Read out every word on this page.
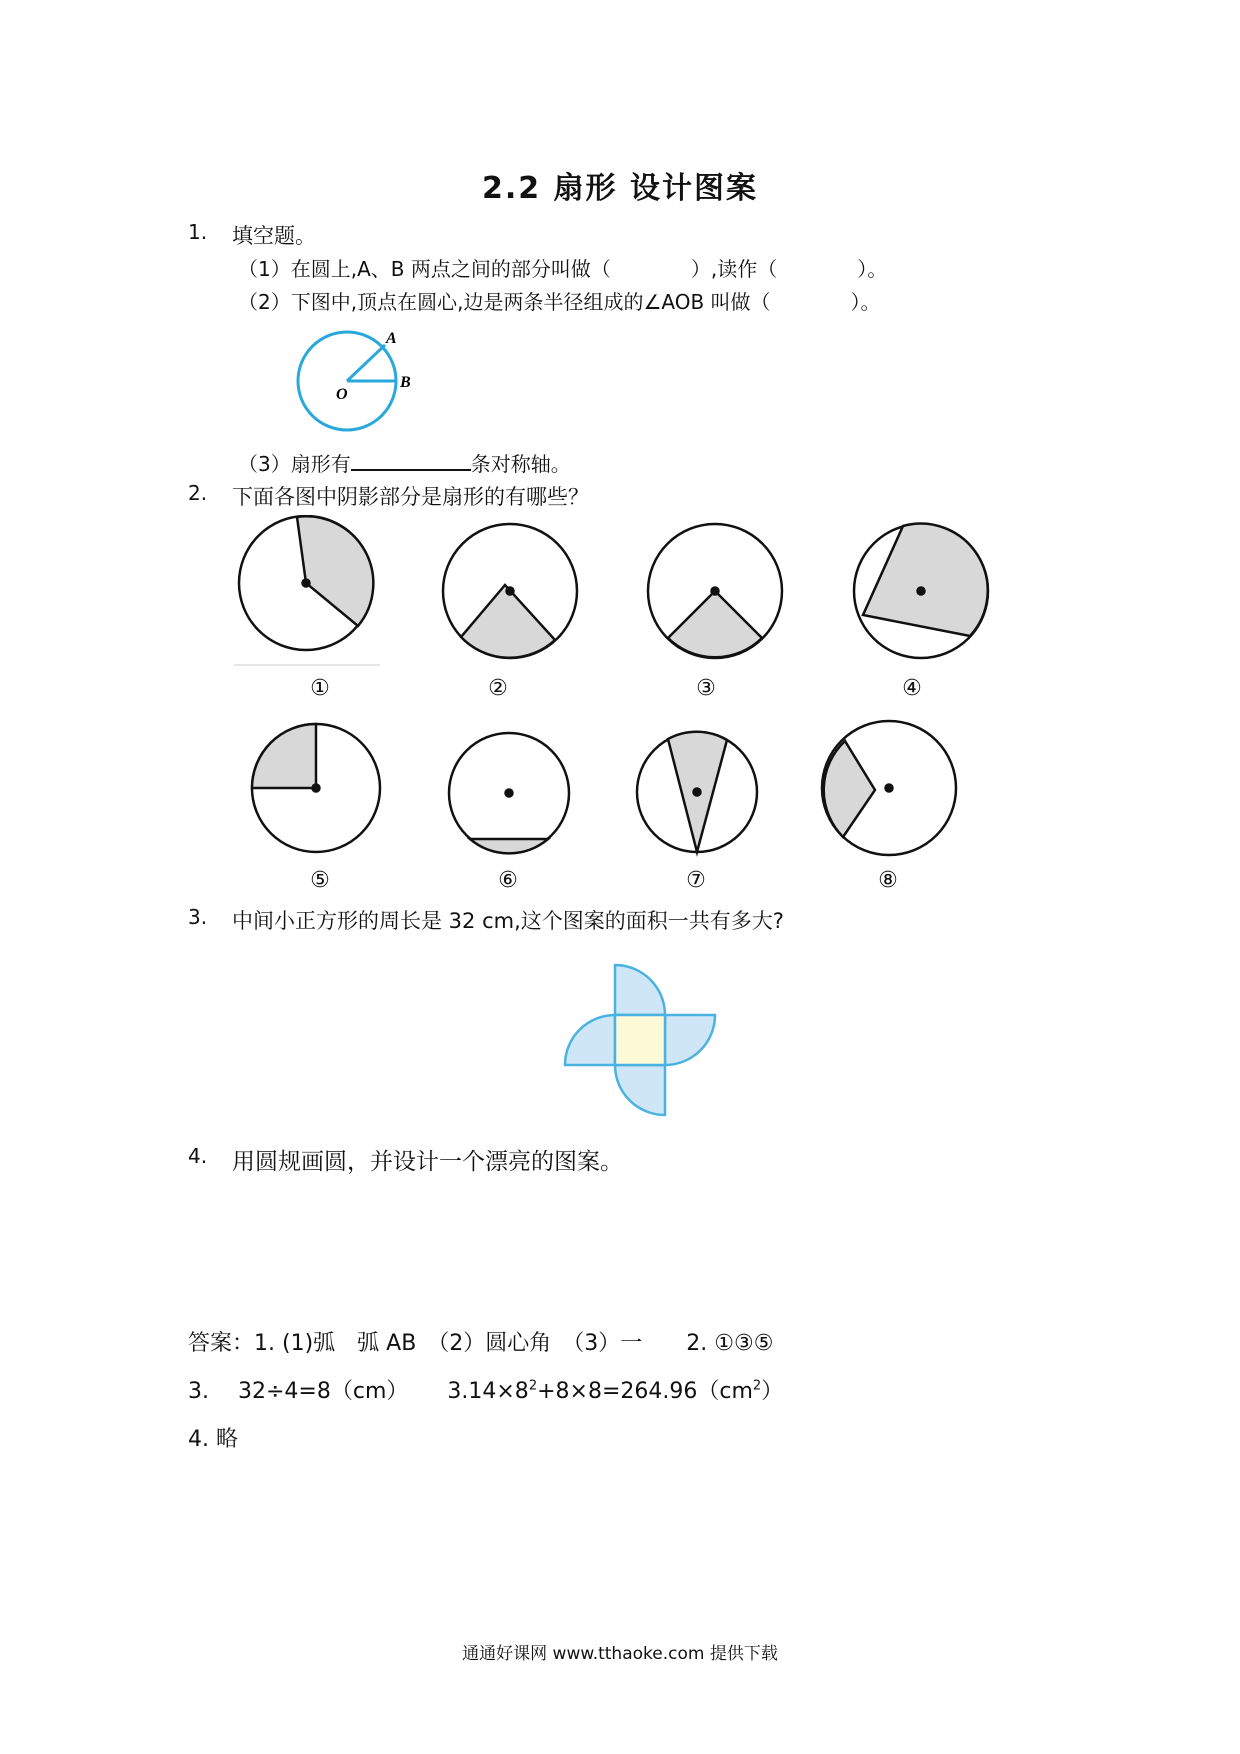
2.2 扇形 设计图案
1. 填空题。
（1）在圆上,A、B 两点之间的部分叫做（　　　　）,读作（　　　　）。
（2）下图中,顶点在圆心,边是两条半径组成的∠AOB 叫做（　　　　）。
A
B
O
（3）扇形有	条对称轴。
2. 下面各图中阴影部分是扇形的有哪些？
①	②	③	④
⑤	⑥	⑦	⑧
3. 中间小正方形的周长是 32 cm,这个图案的面积一共有多大?
4. 用圆规画圆，并设计一个漂亮的图案。
答案：1. (1)弧　弧 AB　（2）圆心角　（3）一　　2. ①③⑤
3. 32÷4=8（cm） $3.14\times 8^2+8\times 8=264.96(cm^2)$
4. 略
通通好课网 www.tthaoke.com 提供下载
